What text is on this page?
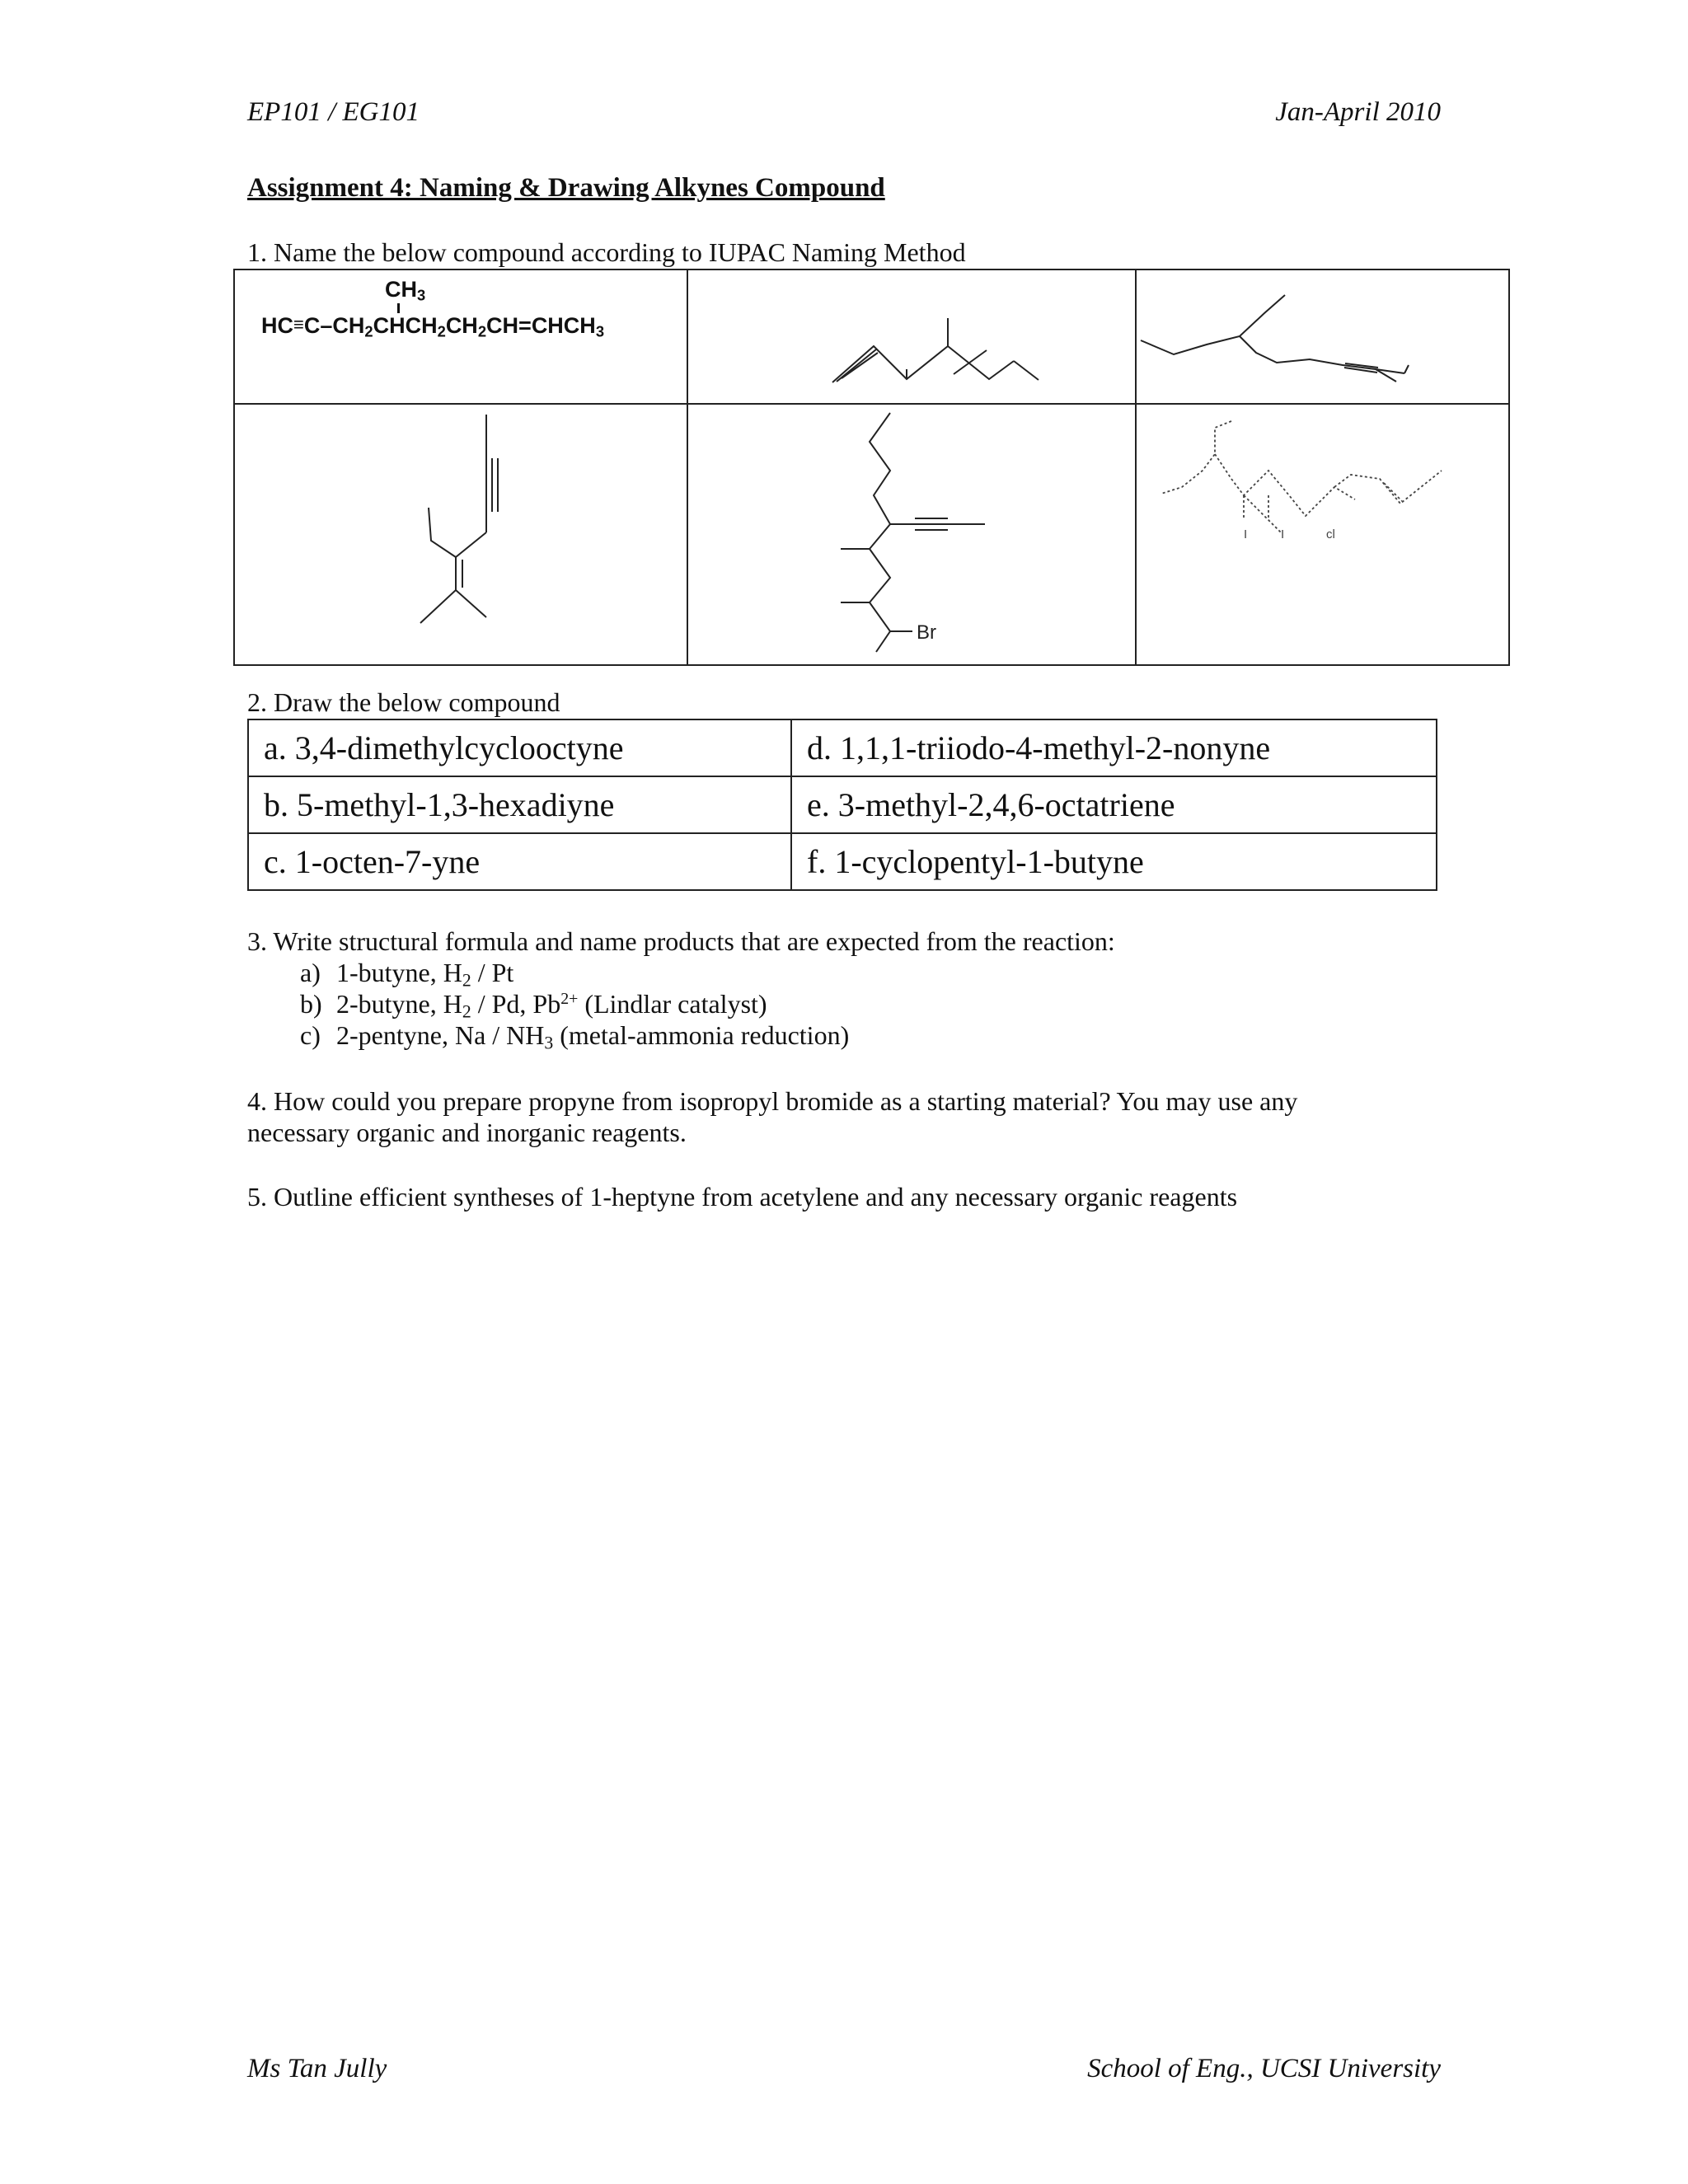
EP101 / EG101	Jan-April 2010
Assignment 4: Naming & Drawing Alkynes Compound
1. Name the below compound according to IUPAC Naming Method
$CH_3$
$HC\equiv C-CH_2CHCH_2CH_2CH=CHCH_3$

Br	I I cl
2. Draw the below compound
a. 3,4-dimethylcyclooctyne	d. 1,1,1-triiodo-4-methyl-2-nonyne
b. 5-methyl-1,3-hexadiyne	e. 3-methyl-2,4,6-octatriene
c. 1-octen-7-yne	f. 1-cyclopentyl-1-butyne
3. Write structural formula and name products that are expected from the reaction:
a) 1-butyne, $H_2$ / Pt
b) 2-butyne, $H_2$ / Pd, $Pb^{2+}$ (Lindlar catalyst)
c) 2-pentyne, Na / $NH_3$ (metal-ammonia reduction)
4. How could you prepare propyne from isopropyl bromide as a starting material? You may use any
necessary organic and inorganic reagents.
5. Outline efficient syntheses of 1-heptyne from acetylene and any necessary organic reagents
Ms Tan Jully	School of Eng., UCSI University
